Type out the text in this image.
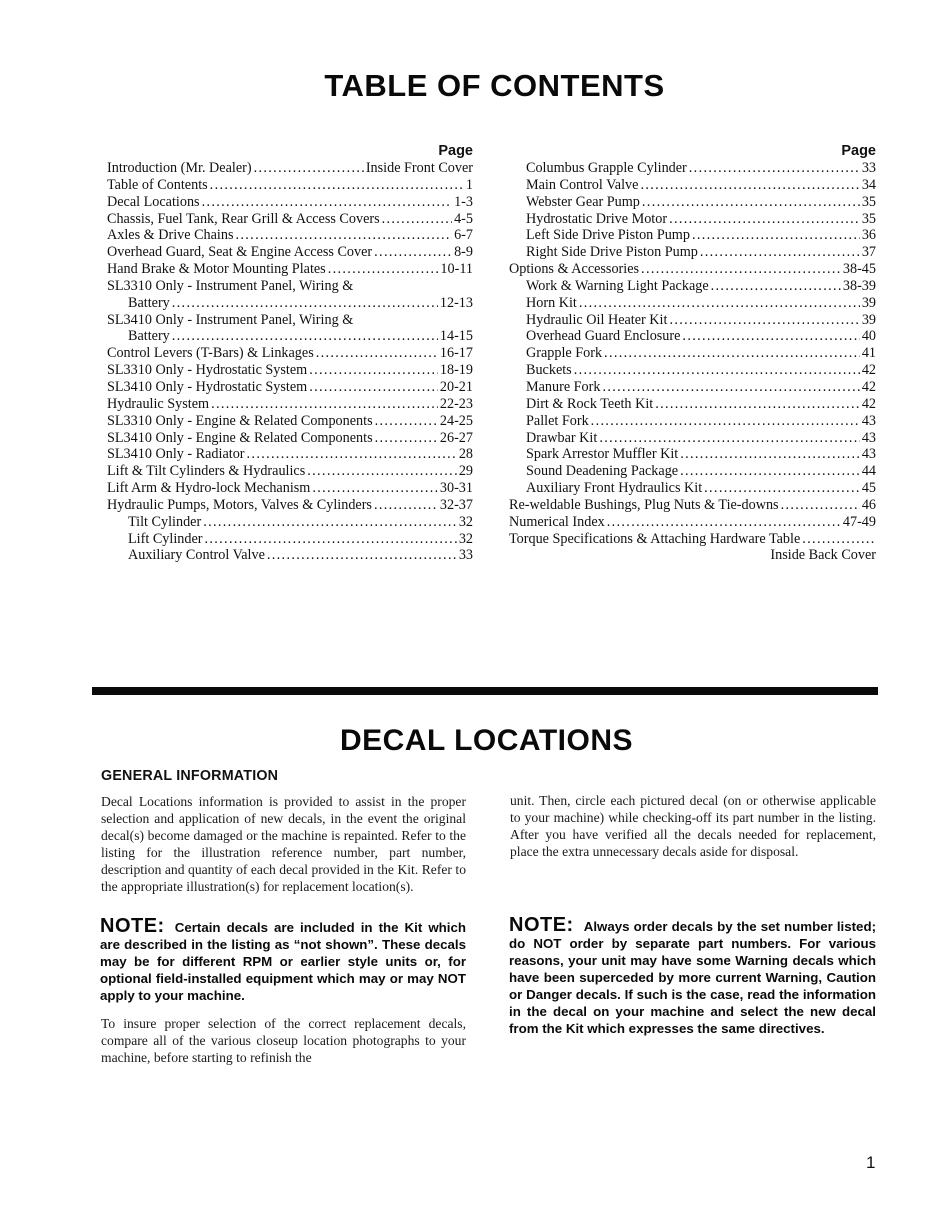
TABLE OF CONTENTS
Page
Introduction (Mr. Dealer) . . .	Inside Front Cover
Table of Contents . . .	1
Decal Locations . . .	1-3
Chassis, Fuel Tank, Rear Grill & Access Covers . . .	4-5
Axles & Drive Chains . . .	6-7
Overhead Guard, Seat & Engine Access Cover . . .	8-9
Hand Brake & Motor Mounting Plates . . .	10-11
SL3310 Only - Instrument Panel, Wiring &
Battery . . .	12-13
SL3410 Only - Instrument Panel, Wiring &
Battery . . .	14-15
Control Levers (T-Bars) & Linkages . . .	16-17
SL3310 Only - Hydrostatic System . . .	18-19
SL3410 Only - Hydrostatic System . . .	20-21
Hydraulic System . . .	22-23
SL3310 Only - Engine & Related Components . . .	24-25
SL3410 Only - Engine & Related Components . . .	26-27
SL3410 Only - Radiator . . .	28
Lift & Tilt Cylinders & Hydraulics . . .	29
Lift Arm & Hydro-lock Mechanism . . .	30-31
Hydraulic Pumps, Motors, Valves & Cylinders . . .	32-37
Tilt Cylinder . . .	32
Lift Cylinder . . .	32
Auxiliary Control Valve . . .	33
Page
Columbus Grapple Cylinder . . .	33
Main Control Valve . . .	34
Webster Gear Pump . . .	35
Hydrostatic Drive Motor . . .	35
Left Side Drive Piston Pump . . .	36
Right Side Drive Piston Pump . . .	37
Options & Accessories . . .	38-45
Work & Warning Light Package . . .	38-39
Horn Kit . . .	39
Hydraulic Oil Heater Kit . . .	39
Overhead Guard Enclosure . . .	40
Grapple Fork . . .	41
Buckets . . .	42
Manure Fork . . .	42
Dirt & Rock Teeth Kit . . .	42
Pallet Fork . . .	43
Drawbar Kit . . .	43
Spark Arrestor Muffler Kit . . .	43
Sound Deadening Package . . .	44
Auxiliary Front Hydraulics Kit . . .	45
Re-weldable Bushings, Plug Nuts & Tie-downs . . .	46
Numerical Index . . .	47-49
Torque Specifications & Attaching Hardware Table
. . .
Inside Back Cover
DECAL LOCATIONS
GENERAL INFORMATION
Decal Locations information is provided to assist in the proper selection and application of new decals, in the event the original decal(s) become damaged or the machine is repainted. Refer to the listing for the illustration reference number, part number, description and quantity of each decal provided in the Kit. Refer to the appropriate illustration(s) for replacement location(s).
NOTE: Certain decals are included in the Kit which are described in the listing as “not shown”. These decals may be for different RPM or earlier style units or, for optional field-installed equipment which may or may NOT apply to your machine.
To insure proper selection of the correct replacement decals, compare all of the various closeup location photographs to your machine, before starting to refinish the
unit. Then, circle each pictured decal (on or otherwise applicable to your machine) while checking-off its part number in the listing. After you have verified all the decals needed for replacement, place the extra unnecessary decals aside for disposal.
NOTE: Always order decals by the set number listed; do NOT order by separate part numbers. For various reasons, your unit may have some Warning decals which have been superceded by more current Warning, Caution or Danger decals. If such is the case, read the information in the decal on your machine and select the new decal from the Kit which expresses the same directives.
1
